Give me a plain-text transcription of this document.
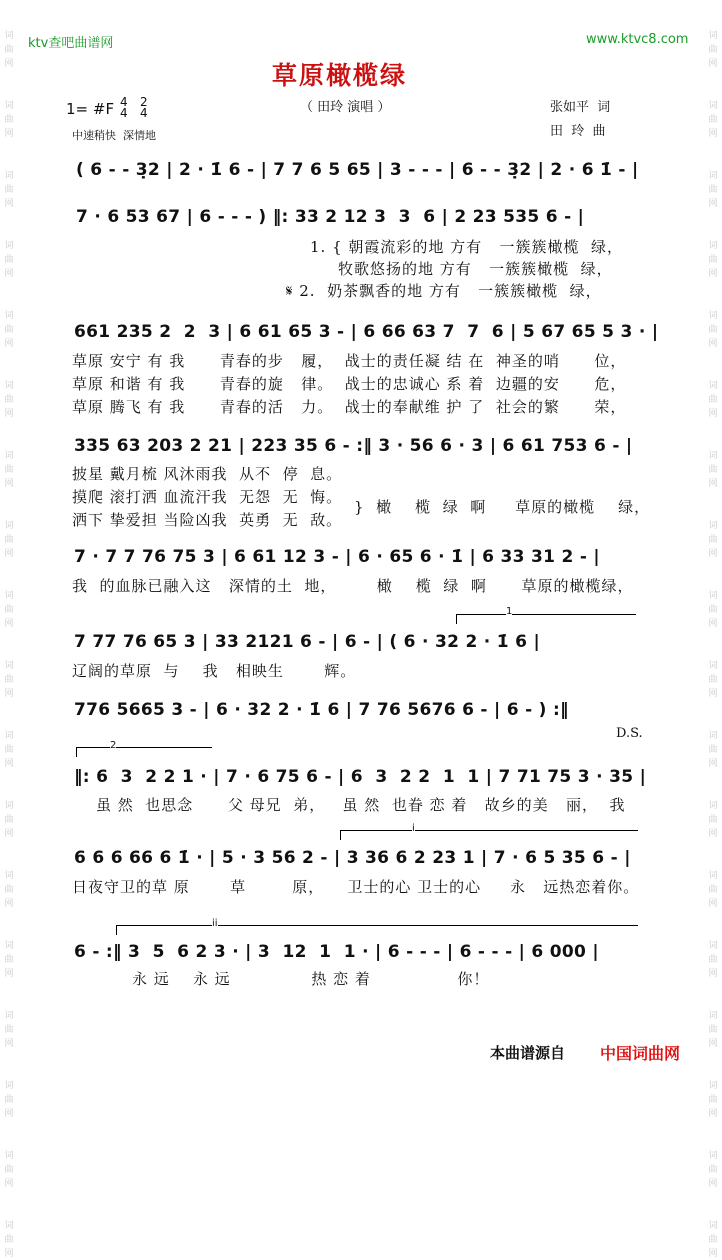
词
曲
网
词
曲
网
词
曲
网
词
曲
网
词
曲
网
词
曲
网
词
曲
网
词
曲
网
词
曲
网
词
曲
网
词
曲
网
词
曲
网
词
曲
网
词
曲
网
词
曲
网
词
曲
网
词
曲
网
词
曲
网
词
曲
网
词
曲
网
词
曲
网
词
曲
网
词
曲
网
词
曲
网
词
曲
网
词
曲
网
词
曲
网
词
曲
网
词
曲
网
词
曲
网
词
曲
网
词
曲
网
词
曲
网
词
曲
网
词
曲
网
词
曲
网
ktv查吧曲谱网	www.ktvc8.com
草原橄榄绿
（ 田玲 演唱 ）
1= #F 4
4
2
4
中速稍快  深情地
张如平  词
田  玲  曲
( 6 - - 3̣2 | 2 · 1̇ 6 - | 7 7 6 5 65 | 3 - - - | 6 - - 3̣2 | 2 · 6 1̇ - |
7 · 6 53 67 | 6 - - - ) ‖: 33 2 12 3  3  6 | 2 23 535 6 - |
1. { 朝霞流彩的地 方有   一簇簇橄榄  绿，
牧歌悠扬的地 方有   一簇簇橄榄  绿，
𝄋 2.  奶茶飘香的地 方有   一簇簇橄榄  绿，
661 235 2  2  3 | 6 61 65 3 - | 6 66 63 7  7  6 | 5 67 65 5 3 · |
草原 安宁 有 我      青春的步   履，  战士的责任凝 结 在  神圣的哨      位，
草原 和谐 有 我      青春的旋   律。  战士的忠诚心 系 着  边疆的安      危，
草原 腾飞 有 我      青春的活   力。  战士的奉献维 护 了  社会的繁      荣，
335 63 203 2 21 | 223 35 6 - :‖ 3 · 56 6 · 3 | 6 61 753 6 - |
披星 戴月梳 风沐雨我  从不  停  息。
摸爬 滚打洒 血流汗我  无怨  无  悔。
洒下 挚爱担 当险凶我  英勇  无  敌。
}  橄    榄  绿  啊     草原的橄榄    绿，
7 · 7 7 76 75 3 | 6 61 12 3 - | 6 · 65 6 · 1̇ | 6 33 31 2 - |
我  的血脉已融入这   深情的土  地，       橄    榄  绿  啊      草原的橄榄绿，
1
7 77 76 65 3 | 33 2121 6 - | 6 - | ( 6 · 32 2 · 1̇ 6 |
辽阔的草原  与    我   相映生       辉。
776 5665 3 - | 6 · 32 2 · 1̇ 6 | 7 76 5676 6 - | 6 - ) :‖
D.S.
2
‖: 6  3  2 2 1 · | 7 · 6 75 6 - | 6  3  2 2  1  1 | 7 71 75 3 · 35 |
虽 然  也思念      父 母兄  弟，   虽 然  也眷 恋 着   故乡的美   丽，  我
i
6 6 6 66 6 1̇ · | 5 · 3 56 2 - | 3 36 6 2 23 1 | 7 · 6 5 35 6 - |
日夜守卫的草 原       草        原，    卫士的心 卫士的心     永   远热恋着你。
ii
6 - :‖ 3  5  6 2 3 · | 3  12  1  1 · | 6 - - - | 6 - - - | 6 000 |
永 远    永 远              热 恋 着               你！
本曲谱源自 中国词曲网
